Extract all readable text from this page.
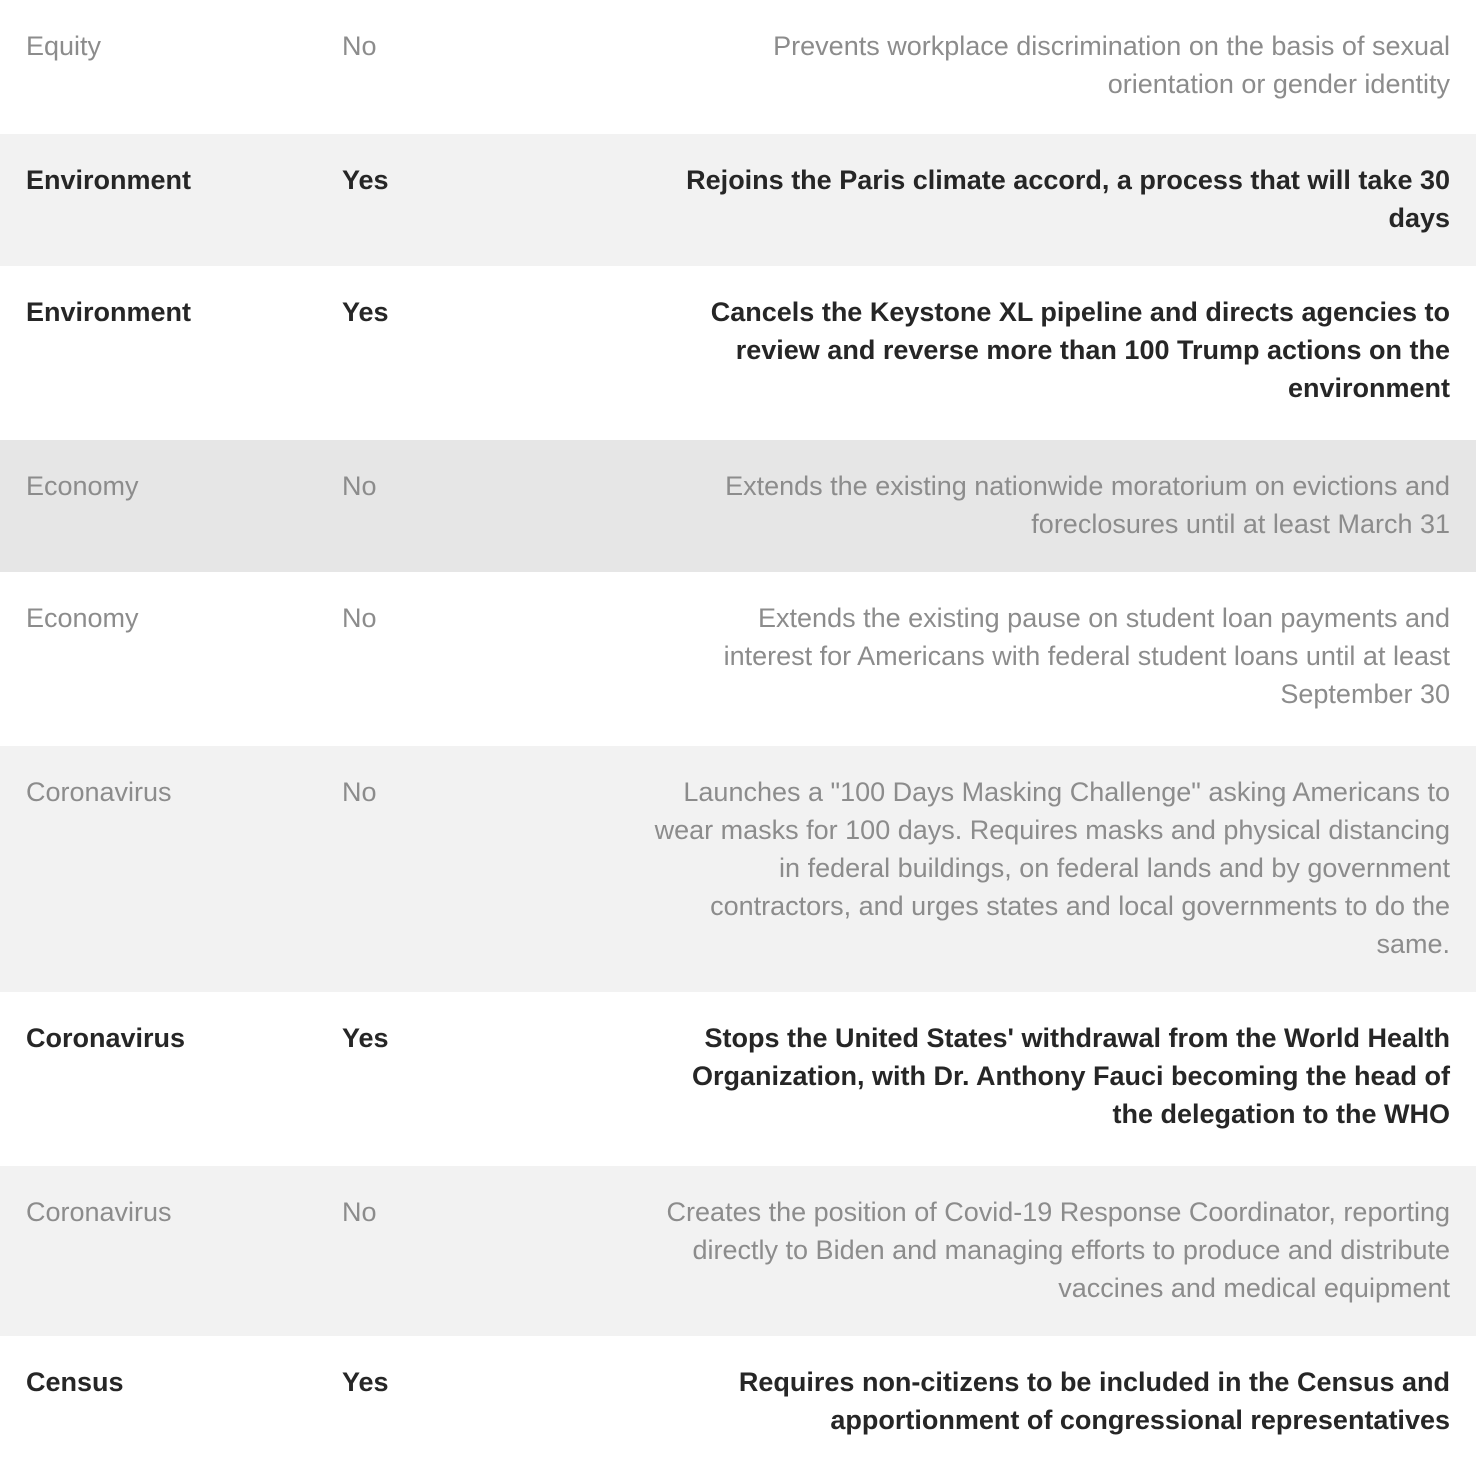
Equity	No	Prevents workplace discrimination on the basis of sexual orientation or gender identity
Environment	Yes	Rejoins the Paris climate accord, a process that will take 30 days
Environment	Yes	Cancels the Keystone XL pipeline and directs agencies to review and reverse more than 100 Trump actions on the environment
Economy	No	Extends the existing nationwide moratorium on evictions and foreclosures until at least March 31
Economy	No	Extends the existing pause on student loan payments and interest for Americans with federal student loans until at least September 30
Coronavirus	No	Launches a "100 Days Masking Challenge" asking Americans to wear masks for 100 days. Requires masks and physical distancing in federal buildings, on federal lands and by government contractors, and urges states and local governments to do the same.
Coronavirus	Yes	Stops the United States' withdrawal from the World Health Organization, with Dr. Anthony Fauci becoming the head of the delegation to the WHO
Coronavirus	No	Creates the position of Covid-19 Response Coordinator, reporting directly to Biden and managing efforts to produce and distribute vaccines and medical equipment
Census	Yes	Requires non-citizens to be included in the Census and apportionment of congressional representatives
